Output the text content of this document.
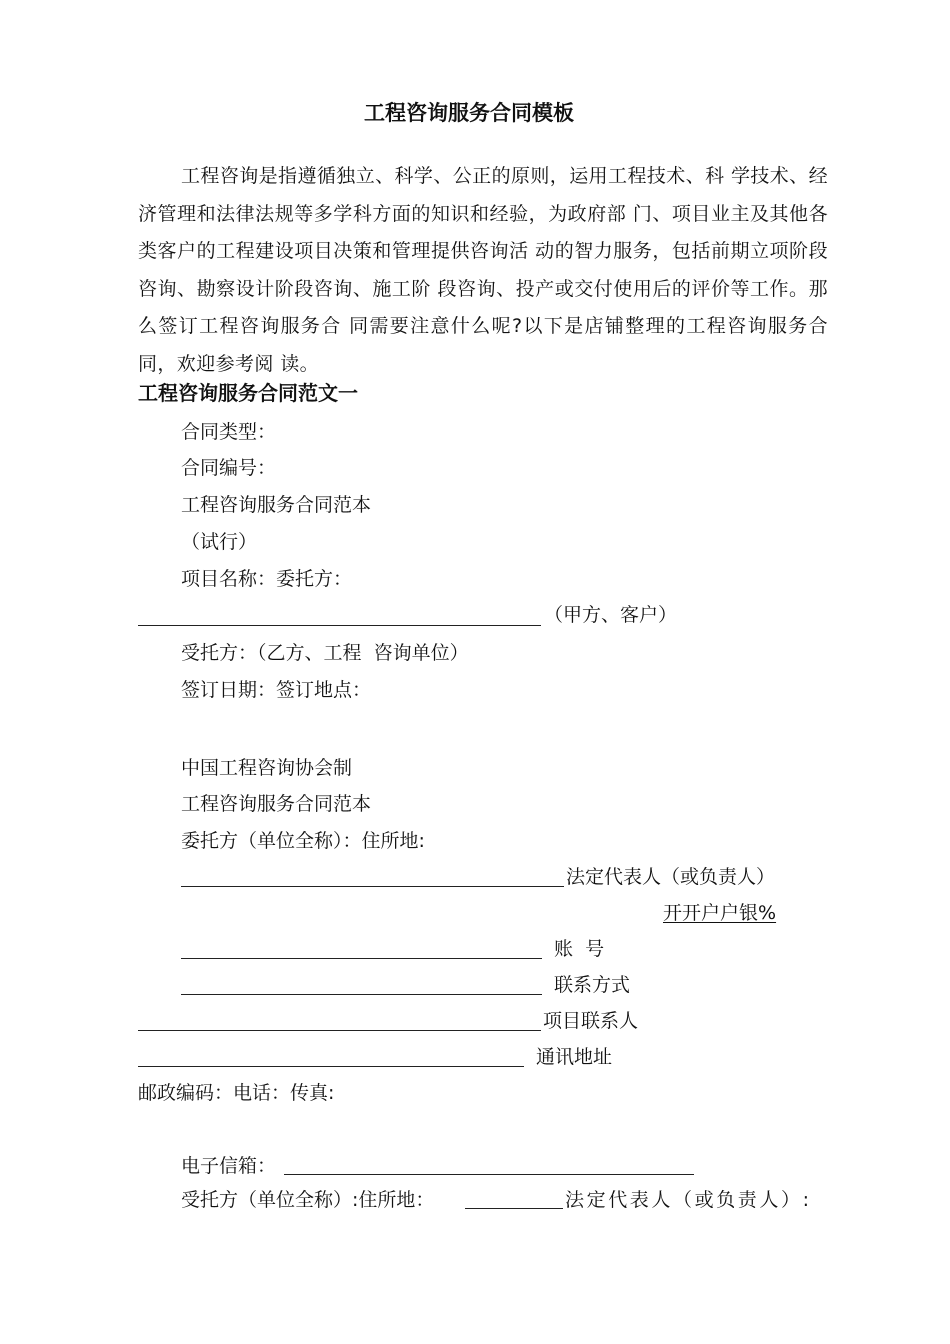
工程咨询服务合同模板
工程咨询是指遵循独立、科学、公正的原则，运用工程技术、科 学技术、经济管理和法律法规等多学科方面的知识和经验，为政府部 门、项目业主及其他各类客户的工程建设项目决策和管理提供咨询活 动的智力服务，包括前期立项阶段咨询、勘察设计阶段咨询、施工阶 段咨询、投产或交付使用后的评价等工作。那么签订工程咨询服务合 同需要注意什么呢?以下是店铺整理的工程咨询服务合同，欢迎参考阅 读。
工程咨询服务合同范文一
合同类型：
合同编号：
工程咨询服务合同范本
（试行）
项目名称：委托方：
（甲方、客户）
受托方：（乙方、工程  咨询单位）
签订日期：签订地点：
中国工程咨询协会制
工程咨询服务合同范本
委托方（单位全称）：住所地:
法定代表人（或负责人）
开开户户银%
账  号
联系方式
项目联系人
通讯地址
邮政编码：电话：传真:
电子信箱：
受托方（单位全称）:住所地：	法定代表人（或负责人）:
